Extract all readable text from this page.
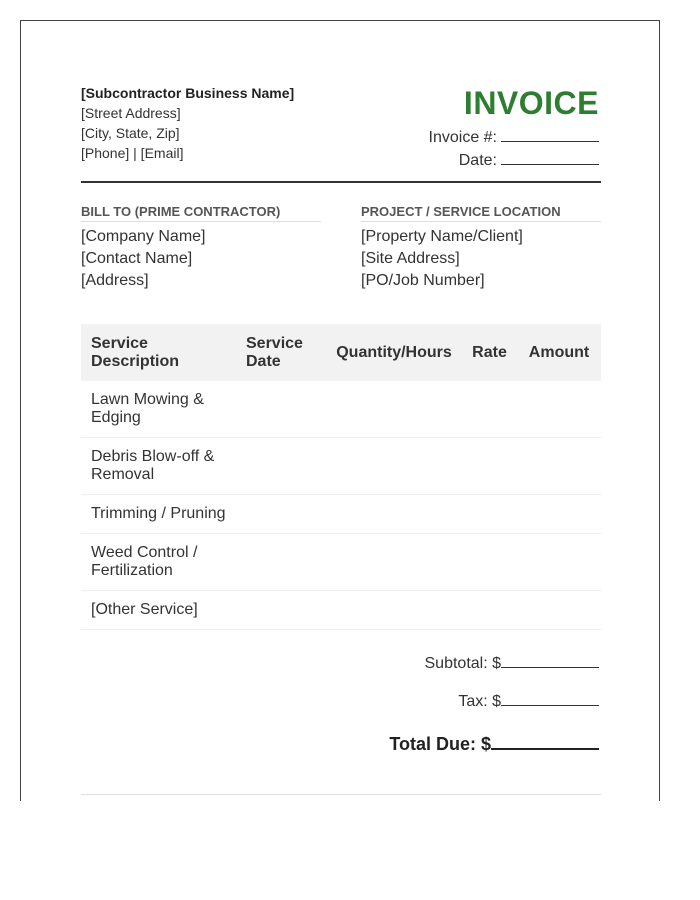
[Subcontractor Business Name]
[Street Address]
[City, State, Zip]
[Phone] | [Email]
INVOICE
Invoice #:
Date:
BILL TO (PRIME CONTRACTOR)
[Company Name]
[Contact Name]
[Address]
PROJECT / SERVICE LOCATION
[Property Name/Client]
[Site Address]
[PO/Job Number]
Service Description	Service Date	Quantity/Hours	Rate	Amount
Lawn Mowing & Edging				
Debris Blow-off & Removal				
Trimming / Pruning				
Weed Control / Fertilization				
[Other Service]				
Subtotal: $
Tax: $
Total Due: $
